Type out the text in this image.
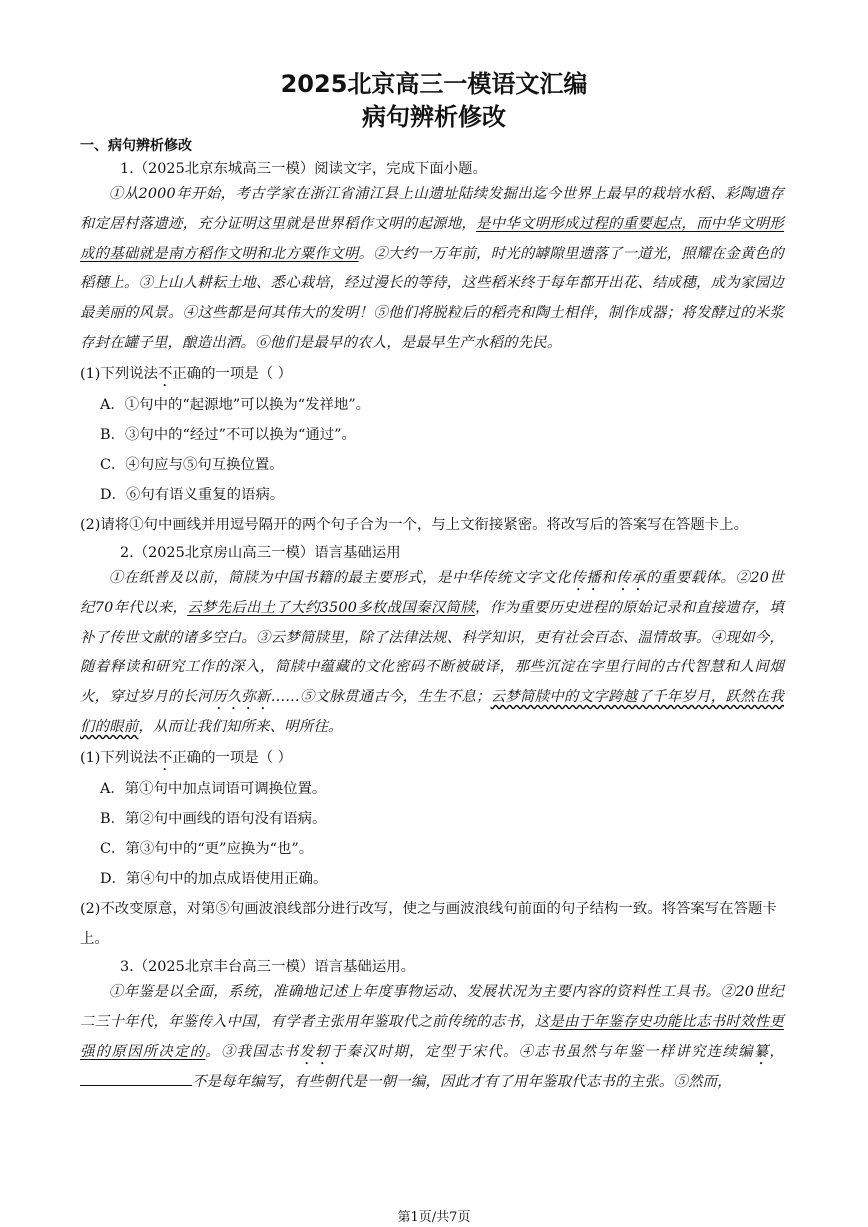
2025北京高三一模语文汇编
病句辨析修改
一、病句辨析修改
1.（2025北京东城高三一模）阅读文字，完成下面小题。
①从2000年开始，考古学家在浙江省浦江县上山遗址陆续发掘出迄今世界上最早的栽培水稻、彩陶遗存和定居村落遗迹，充分证明这里就是世界稻作文明的起源地，是中华文明形成过程的重要起点，而中华文明形成的基础就是南方稻作文明和北方粟作文明。②大约一万年前，时光的罅隙里遗落了一道光，照耀在金黄色的稻穗上。③上山人耕耘土地、悉心栽培，经过漫长的等待，这些稻米终于每年都开出花、结成穗，成为家园边最美丽的风景。④这些都是何其伟大的发明！⑤他们将脱粒后的稻壳和陶土相伴，制作成器；将发酵过的米浆存封在罐子里，酿造出酒。⑥他们是最早的农人，是最早生产水稻的先民。
(1)下列说法不正确的一项是（ ）
A．①句中的“起源地”可以换为“发祥地”。
B．③句中的“经过”不可以换为“通过”。
C．④句应与⑤句互换位置。
D．⑥句有语义重复的语病。
(2)请将①句中画线并用逗号隔开的两个句子合为一个，与上文衔接紧密。将改写后的答案写在答题卡上。
2.（2025北京房山高三一模）语言基础运用
①在纸普及以前，简牍为中国书籍的最主要形式，是中华传统文字文化传播和传承的重要载体。②20世纪70年代以来，云梦先后出土了大约3500多枚战国秦汉简牍，作为重要历史进程的原始记录和直接遗存，填补了传世文献的诸多空白。③云梦简牍里，除了法律法规、科学知识，更有社会百态、温情故事。④现如今，随着释读和研究工作的深入，简牍中蕴藏的文化密码不断被破译，那些沉淀在字里行间的古代智慧和人间烟火，穿过岁月的长河历久弥新……⑤文脉贯通古今，生生不息；云梦简牍中的文字跨越了千年岁月，跃然在我们的眼前，从而让我们知所来、明所往。
(1)下列说法不正确的一项是（ ）
A．第①句中加点词语可调换位置。
B．第②句中画线的语句没有语病。
C．第③句中的“更”应换为“也”。
D．第④句中的加点成语使用正确。
(2)不改变原意，对第⑤句画波浪线部分进行改写，使之与画波浪线句前面的句子结构一致。将答案写在答题卡上。
3.（2025北京丰台高三一模）语言基础运用。
①年鉴是以全面，系统，准确地记述上年度事物运动、发展状况为主要内容的资料性工具书。②20世纪二三十年代，年鉴传入中国，有学者主张用年鉴取代之前传统的志书，这是由于年鉴存史功能比志书时效性更强的原因所决定的。③我国志书发轫于秦汉时期，定型于宋代。④志书虽然与年鉴一样讲究连续编纂，不是每年编写，有些朝代是一朝一编，因此才有了用年鉴取代志书的主张。⑤然而，
第1页/共7页
